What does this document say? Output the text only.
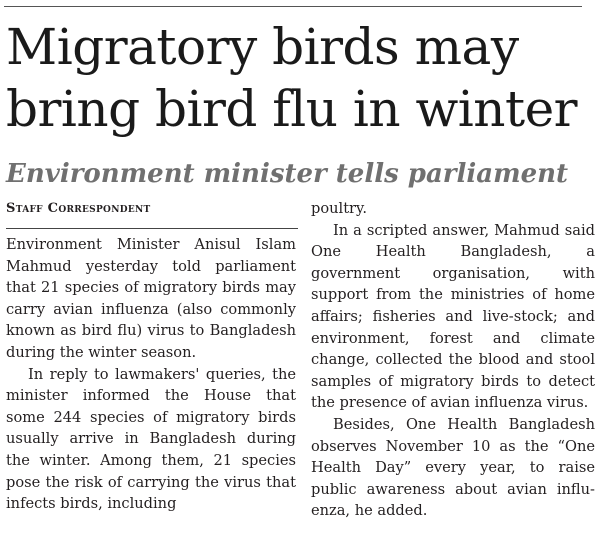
Migratory birds may bring bird flu in winter
Environment minister tells parliament
Staff Correspondent

Environment Minister Anisul Islam Mahmud yesterday told parliament that 21 species of migratory birds may carry avian influenza (also commonly known as bird flu) virus to Bangladesh during the winter season.

In reply to lawmakers' queries, the minister informed the House that some 244 species of migratory birds usually arrive in Bangladesh during the winter. Among them, 21 species pose the risk of carrying the virus that infects birds, including

poultry.

In a scripted answer, Mahmud said One Health Bangladesh, a government organisation, with support from the ministries of home affairs; fisheries and live-stock; and environment, forest and climate change, collected the blood and stool samples of migratory birds to detect the presence of avian influenza virus.

Besides, One Health Bangladesh observes November 10 as the “One Health Day” every year, to raise public awareness about avian influ-enza, he added.
